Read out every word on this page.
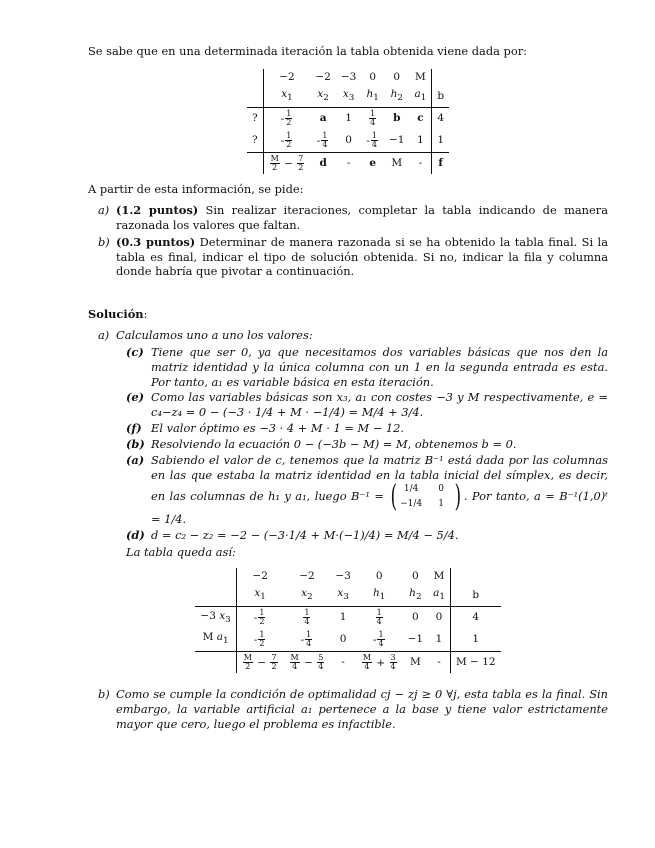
Se sabe que en una determinada iteración la tabla obtenida viene dada por:

	−2	−2	−3	0	0	M	
	$x_1$	$x_2$	$x_3$	$h_1$	$h_2$	$a_1$	b
?	- $\frac{1}{2}$	a	1	$\frac{1}{4}$	b	c	4
?	- $\frac{1}{2}$	- $\frac{1}{4}$	0	- $\frac{1}{4}$	−1	1	1

	$\frac{M}{2} - \frac{7}{2}$	d	-	e	M	-	f

A partir de esta información, se pide:

a) (1.2 puntos) Sin realizar iteraciones, completar la tabla indicando de manera razonada los valores que faltan.

b) (0.3 puntos) Determinar de manera razonada si se ha obtenido la tabla final. Si la tabla es final, indicar el tipo de solución obtenida. Si no, indicar la fila y columna donde habría que pivotar a continuación.

Solución:

a) Calculamos uno a uno los valores:

(c) Tiene que ser 0, ya que necesitamos dos variables básicas que nos den la matriz identidad y la única columna con un 1 en la segunda entrada es esta. Por tanto, a₁ es variable básica en esta iteración.

(e) Como las variables básicas son x₃, a₁ con costes −3 y M respectivamente, e = c₄−z₄ = 0 − (−3 · 1/4 + M · −1/4) = M/4 + 3/4.

(f) El valor óptimo es −3 · 4 + M · 1 = M − 12.

(b) Resolviendo la ecuación 0 − (−3b − M) = M, obtenemos b = 0.

(a) Sabiendo el valor de c, tenemos que la matriz B⁻¹ está dada por las columnas en las que estaba la matriz identidad en la tabla inicial del símplex, es decir, en las columnas de h₁ y a₁, luego B⁻¹ = ( 1/4	0
−1/4	1 ) . Por tanto, a = B⁻¹(1,0)ᵗ = 1/4.

(d) d = c₂ − z₂ = −2 − (−3·1/4 + M·(−1)/4) = M/4 − 5/4.

La tabla queda así:

	−2	−2	−3	0	0	M	
	$x_1$	$x_2$	$x_3$	$h_1$	$h_2$	$a_1$	b
−3 $x_3$	- $\frac{1}{2}$	$\frac{1}{4}$	1	$\frac{1}{4}$	0	0	4
M $a_1$	- $\frac{1}{2}$	- $\frac{1}{4}$	0	- $\frac{1}{4}$	−1	1	1

	$\frac{M}{2} - \frac{7}{2}$	$\frac{M}{4} - \frac{5}{4}$	-	$\frac{M}{4} + \frac{3}{4}$	M	-	M − 12
b) Como se cumple la condición de optimalidad cj − zj ≥ 0 ∀j, esta tabla es la final. Sin embargo, la variable artificial a₁ pertenece a la base y tiene valor estrictamente mayor que cero, luego el problema es infactible.
